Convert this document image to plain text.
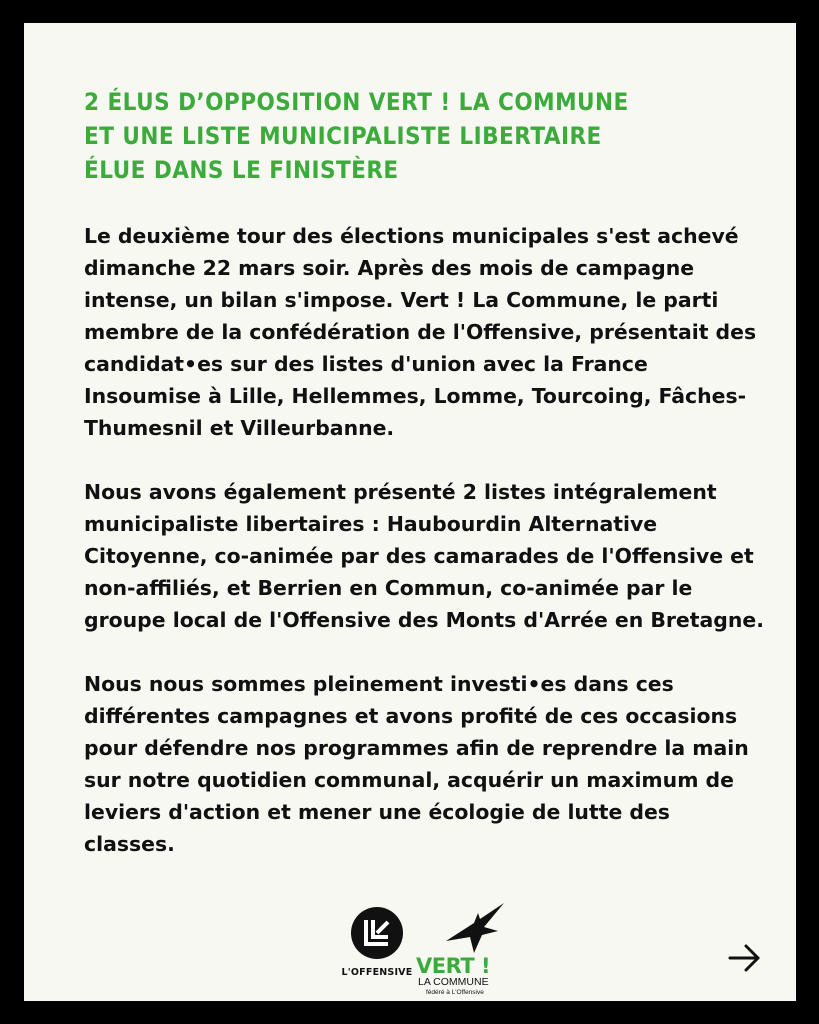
2 ÉLUS D’OPPOSITION VERT ! LA COMMUNE ET UNE LISTE MUNICIPALISTE LIBERTAIRE ÉLUE DANS LE FINISTÈRE

Le deuxième tour des élections municipales s'est achevé dimanche 22 mars soir. Après des mois de campagne intense, un bilan s'impose. Vert ! La Commune, le parti membre de la confédération de l'Offensive, présentait des candidat•es sur des listes d'union avec la France Insoumise à Lille, Hellemmes, Lomme, Tourcoing, Fâches-Thumesnil et Villeurbanne.

Nous avons également présenté 2 listes intégralement municipaliste libertaires : Haubourdin Alternative Citoyenne, co-animée par des camarades de l'Offensive et non-affiliés, et Berrien en Commun, co-animée par le groupe local de l'Offensive des Monts d'Arrée en Bretagne.

Nous nous sommes pleinement investi•es dans ces différentes campagnes et avons profité de ces occasions pour défendre nos programmes afin de reprendre la main sur notre quotidien communal, acquérir un maximum de leviers d'action et mener une écologie de lutte des classes.

L'OFFENSIVE VERT !
LA COMMUNE
fédéré à L'Offensive
